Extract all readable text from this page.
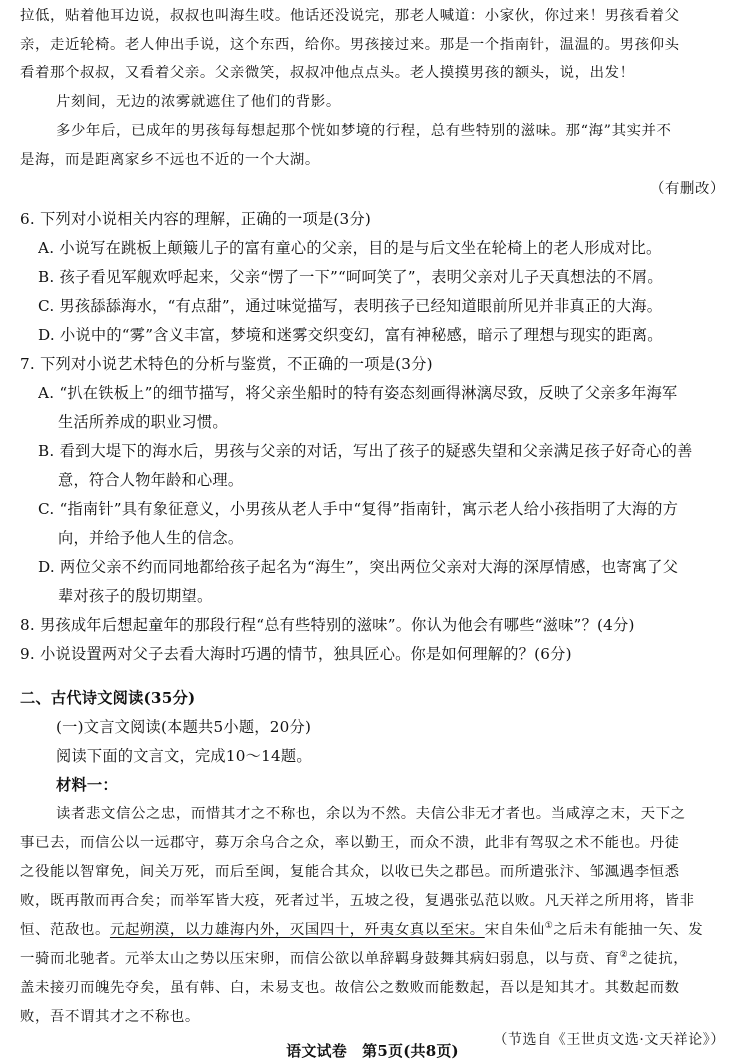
拉低，贴着他耳边说，叔叔也叫海生哎。他话还没说完，那老人喊道：小家伙，你过来！男孩看着父
亲，走近轮椅。老人伸出手说，这个东西，给你。男孩接过来。那是一个指南针，温温的。男孩仰头
看着那个叔叔，又看着父亲。父亲微笑，叔叔冲他点点头。老人摸摸男孩的额头，说，出发！
片刻间，无边的浓雾就遮住了他们的背影。
多少年后，已成年的男孩每每想起那个恍如梦境的行程，总有些特别的滋味。那“海”其实并不
是海，而是距离家乡不远也不近的一个大湖。
（有删改）
6. 下列对小说相关内容的理解，正确的一项是(3分)
A. 小说写在跳板上颠簸儿子的富有童心的父亲，目的是与后文坐在轮椅上的老人形成对比。
B. 孩子看见军舰欢呼起来，父亲“愣了一下”“呵呵笑了”，表明父亲对儿子天真想法的不屑。
C. 男孩舔舔海水，“有点甜”，通过味觉描写，表明孩子已经知道眼前所见并非真正的大海。
D. 小说中的“雾”含义丰富，梦境和迷雾交织变幻，富有神秘感，暗示了理想与现实的距离。
7. 下列对小说艺术特色的分析与鉴赏，不正确的一项是(3分)
A. “扒在铁板上”的细节描写，将父亲坐船时的特有姿态刻画得淋漓尽致，反映了父亲多年海军
生活所养成的职业习惯。
B. 看到大堤下的海水后，男孩与父亲的对话，写出了孩子的疑惑失望和父亲满足孩子好奇心的善
意，符合人物年龄和心理。
C. “指南针”具有象征意义，小男孩从老人手中“复得”指南针，寓示老人给小孩指明了大海的方
向，并给予他人生的信念。
D. 两位父亲不约而同地都给孩子起名为“海生”，突出两位父亲对大海的深厚情感，也寄寓了父
辈对孩子的殷切期望。
8. 男孩成年后想起童年的那段行程“总有些特别的滋味”。你认为他会有哪些“滋味”？(4分)
9. 小说设置两对父子去看大海时巧遇的情节，独具匠心。你是如何理解的？(6分)
二、古代诗文阅读(35分)
(一)文言文阅读(本题共5小题，20分)
阅读下面的文言文，完成10～14题。
材料一：
读者悲文信公之忠，而惜其才之不称也，余以为不然。夫信公非无才者也。当咸淳之末，天下之
事已去，而信公以一远郡守，募万余乌合之众，率以勤王，而众不溃，此非有驾驭之术不能也。丹徒
之役能以智窜免，间关万死，而后至闽，复能合其众，以收已失之郡邑。而所遣张汴、邹渢遇李恒悉
败，既再散而再合矣；而举军皆大疫，死者过半，五坡之役，复遇张弘范以败。凡天祥之所用将，皆非
恒、范敌也。元起朔漠，以力雄海内外，灭国四十，歼夷女真以至宋。宋自朱仙①之后未有能抽一矢、发
一骑而北驰者。元举太山之势以压宋卵，而信公欲以单辞羁身鼓舞其病妇弱息，以与贲、育②之徒抗，
盖未接刃而魄先夺矣，虽有韩、白，未易支也。故信公之数败而能数起，吾以是知其才。其数起而数
败，吾不谓其才之不称也。
（节选自《王世贞文选·文天祥论》）
语文试卷　第5页(共8页)
